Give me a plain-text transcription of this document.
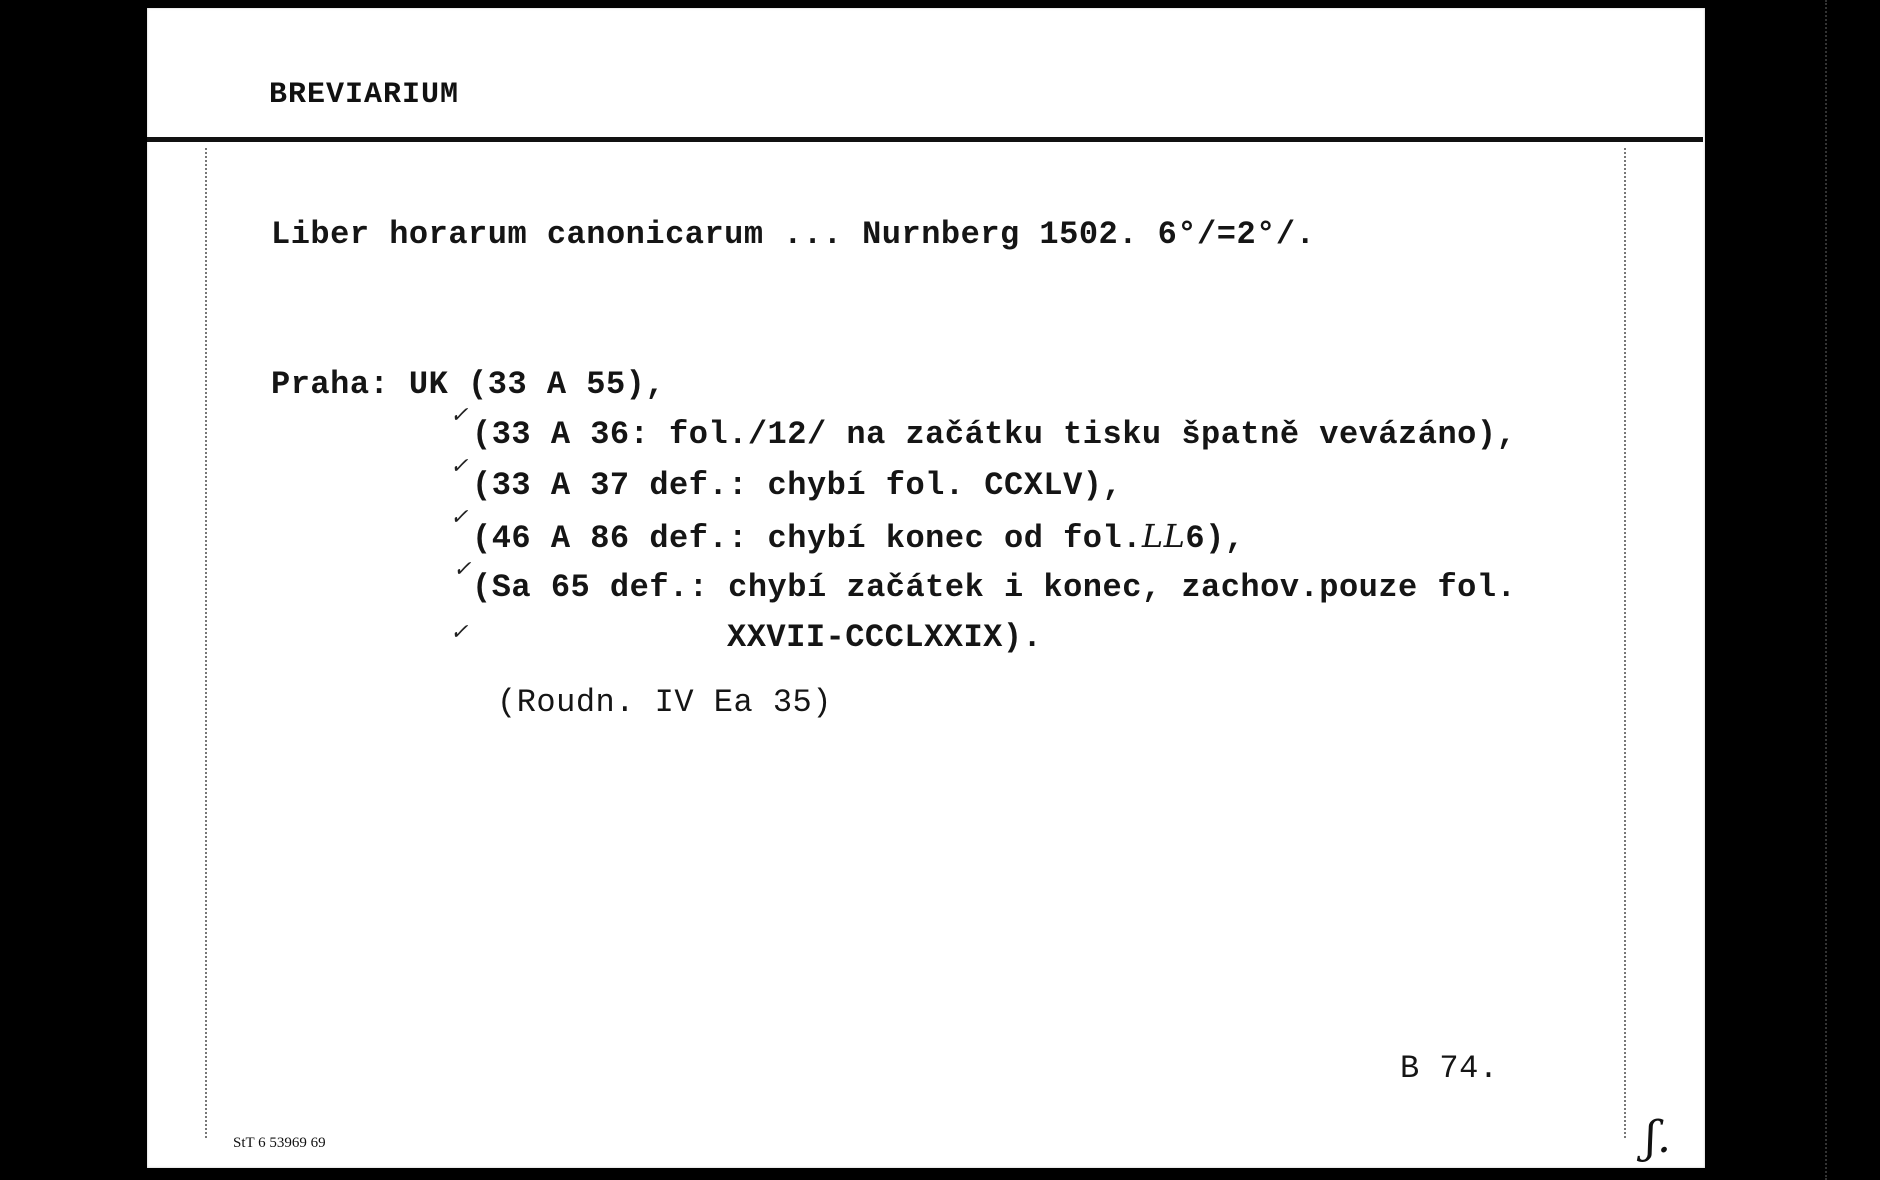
BREVIARIUM
Liber horarum canonicarum ... Nurnberg 1502. 6°/=2°/.
Praha: UK (33 A 55),
✓
(33 A 36: fol./12/ na začátku tisku špatně vevázáno),
✓
(33 A 37 def.: chybí fol. CCXLV),
✓
(46 A 86 def.: chybí konec od fol.LL6),
✓ (Sa 65 def.: chybí začátek i konec, zachov.pouze fol.
✓	XXVII-CCCLXXIX).
(Roudn. IV Ea 35)
B 74.
StT 6 53969 69	ʃ.
